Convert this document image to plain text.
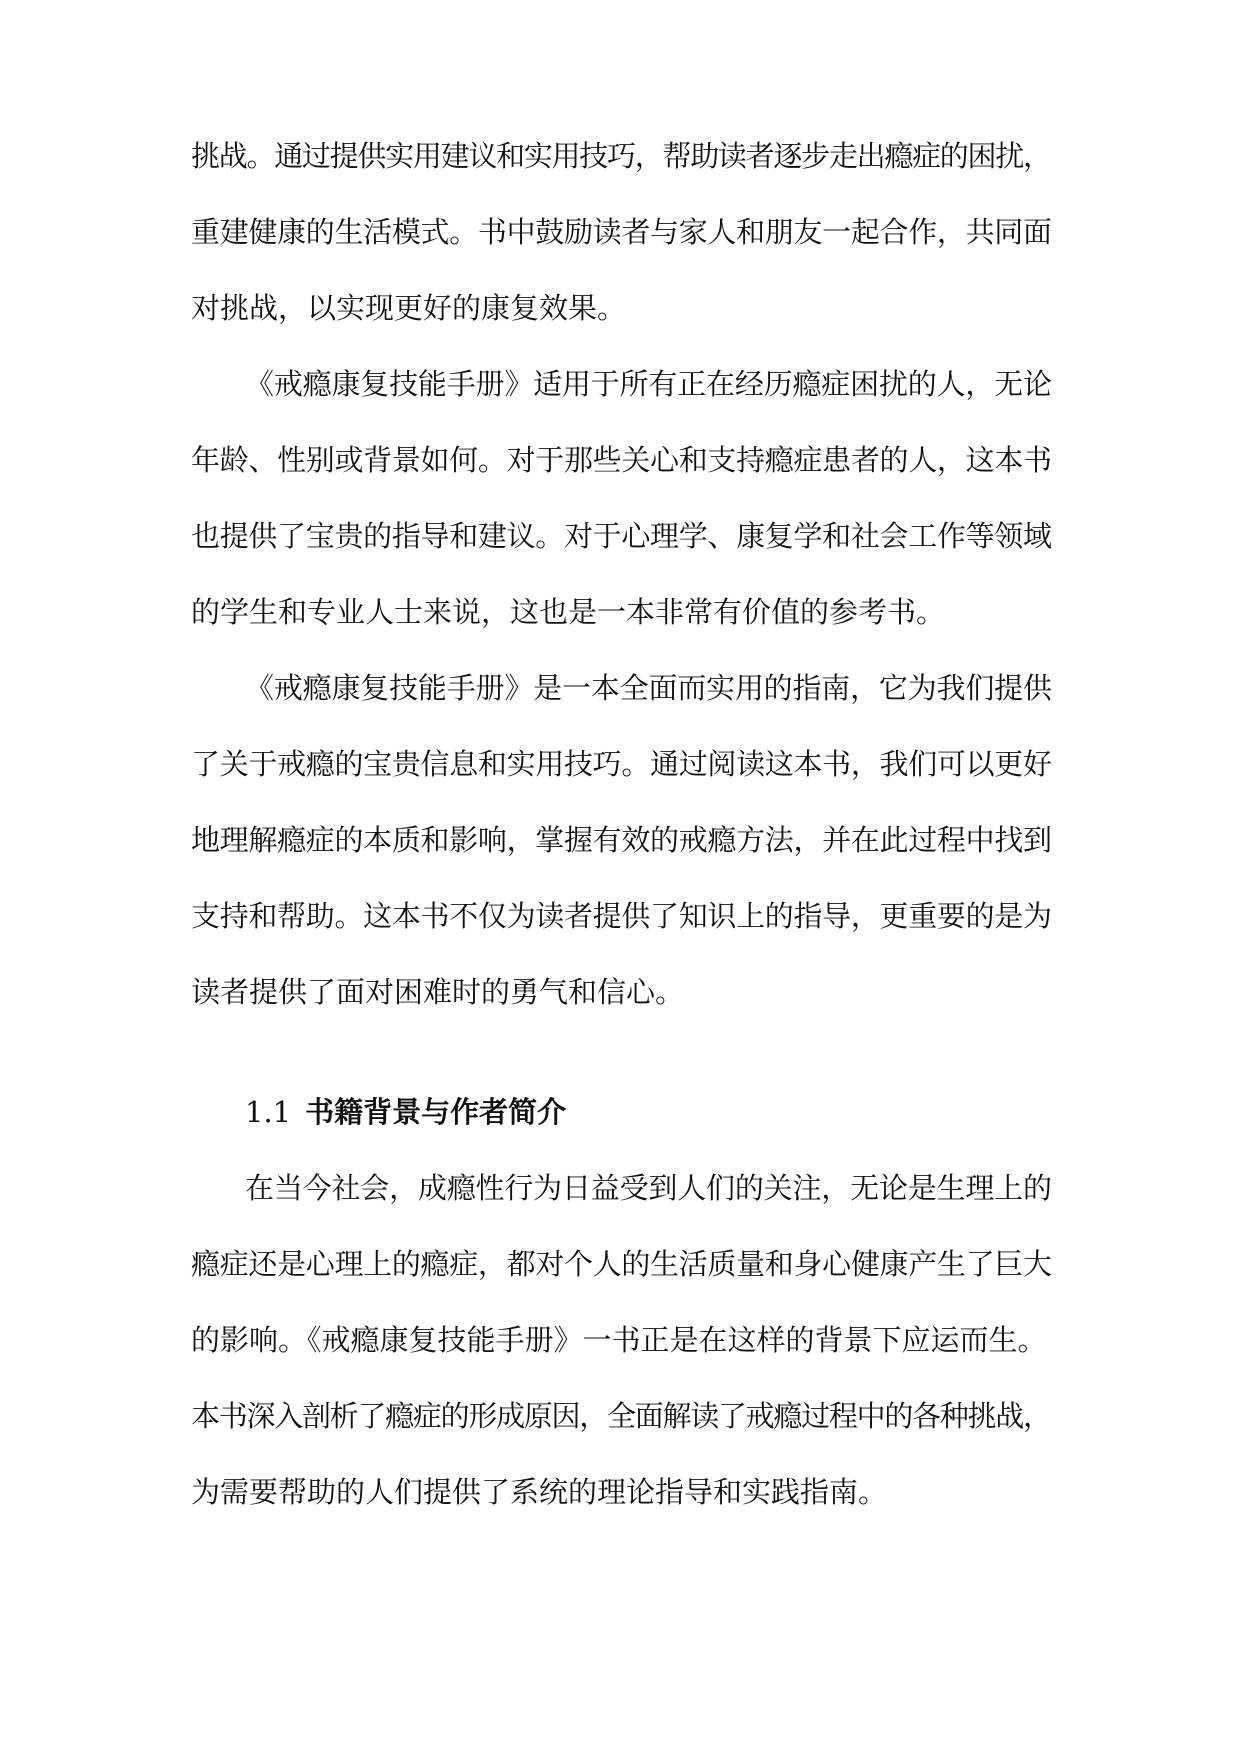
挑战。通过提供实用建议和实用技巧，帮助读者逐步走出瘾症的困扰，

重建健康的生活模式。书中鼓励读者与家人和朋友一起合作，共同面

对挑战，以实现更好的康复效果。

《戒瘾康复技能手册》适用于所有正在经历瘾症困扰的人，无论

年龄、性别或背景如何。对于那些关心和支持瘾症患者的人，这本书

也提供了宝贵的指导和建议。对于心理学、康复学和社会工作等领域

的学生和专业人士来说，这也是一本非常有价值的参考书。

《戒瘾康复技能手册》是一本全面而实用的指南，它为我们提供

了关于戒瘾的宝贵信息和实用技巧。通过阅读这本书，我们可以更好

地理解瘾症的本质和影响，掌握有效的戒瘾方法，并在此过程中找到

支持和帮助。这本书不仅为读者提供了知识上的指导，更重要的是为

读者提供了面对困难时的勇气和信心。

1.1 书籍背景与作者简介

在当今社会，成瘾性行为日益受到人们的关注，无论是生理上的

瘾症还是心理上的瘾症，都对个人的生活质量和身心健康产生了巨大

的影响。《戒瘾康复技能手册》一书正是在这样的背景下应运而生。

本书深入剖析了瘾症的形成原因，全面解读了戒瘾过程中的各种挑战，

为需要帮助的人们提供了系统的理论指导和实践指南。
